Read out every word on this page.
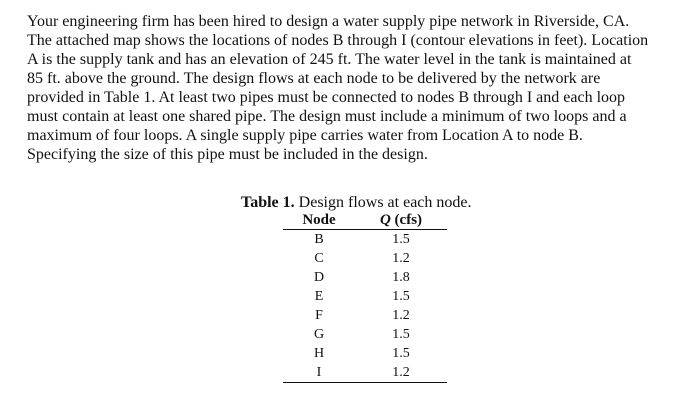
Your engineering firm has been hired to design a water supply pipe network in Riverside, CA.
The attached map shows the locations of nodes B through I (contour elevations in feet). Location
A is the supply tank and has an elevation of 245 ft. The water level in the tank is maintained at
85 ft. above the ground. The design flows at each node to be delivered by the network are
provided in Table 1. At least two pipes must be connected to nodes B through I and each loop
must contain at least one shared pipe. The design must include a minimum of two loops and a
maximum of four loops. A single supply pipe carries water from Location A to node B.
Specifying the size of this pipe must be included in the design.
Table 1. Design flows at each node.
Node	Q (cfs)
B	1.5
C	1.2
D	1.8
E	1.5
F	1.2
G	1.5
H	1.5
I	1.2
